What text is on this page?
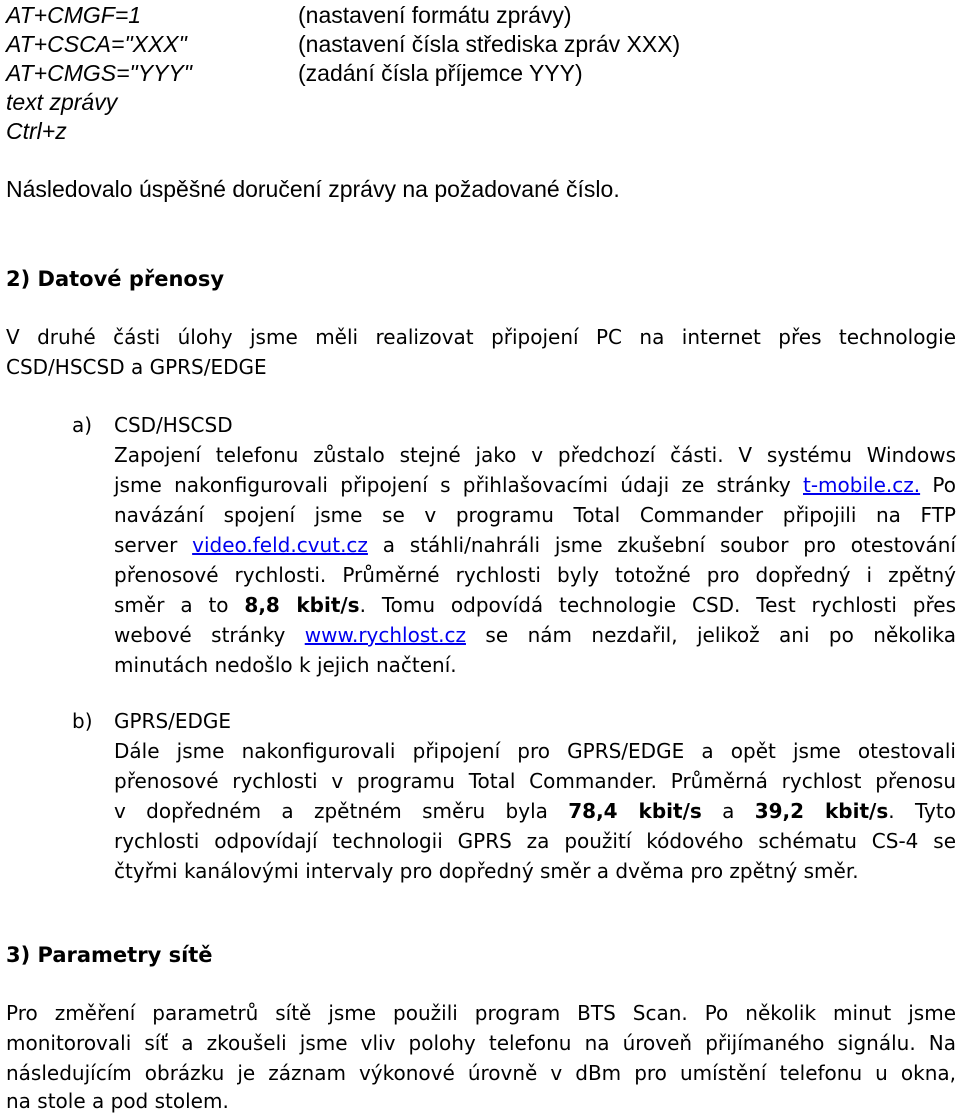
AT+CMGF=1	(nastavení formátu zprávy)
AT+CSCA="XXX"	(nastavení čísla střediska zpráv XXX)
AT+CMGS="YYY"	(zadání čísla příjemce YYY)
text zprávy
Ctrl+z
Následovalo úspěšné doručení zprávy na požadované číslo.
2) Datové přenosy
V druhé části úlohy jsme měli realizovat připojení PC na internet přes technologie
CSD/HSCSD a GPRS/EDGE
a) CSD/HSCSD
Zapojení telefonu zůstalo stejné jako v předchozí části. V systému Windows
jsme nakonfigurovali připojení s přihlašovacími údaji ze stránky t-mobile.cz. Po
navázání spojení jsme se v programu Total Commander připojili na FTP
server video.feld.cvut.cz a stáhli/nahráli jsme zkušební soubor pro otestování
přenosové rychlosti. Průměrné rychlosti byly totožné pro dopředný i zpětný
směr a to 8,8 kbit/s. Tomu odpovídá technologie CSD. Test rychlosti přes
webové stránky www.rychlost.cz se nám nezdařil, jelikož ani po několika
minutách nedošlo k jejich načtení.
b) GPRS/EDGE
Dále jsme nakonfigurovali připojení pro GPRS/EDGE a opět jsme otestovali
přenosové rychlosti v programu Total Commander. Průměrná rychlost přenosu
v dopředném a zpětném směru byla 78,4 kbit/s a 39,2 kbit/s. Tyto
rychlosti odpovídají technologii GPRS za použití kódového schématu CS-4 se
čtyřmi kanálovými intervaly pro dopředný směr a dvěma pro zpětný směr.
3) Parametry sítě
Pro změření parametrů sítě jsme použili program BTS Scan. Po několik minut jsme
monitorovali síť a zkoušeli jsme vliv polohy telefonu na úroveň přijímaného signálu. Na
následujícím obrázku je záznam výkonové úrovně v dBm pro umístění telefonu u okna,
na stole a pod stolem.
